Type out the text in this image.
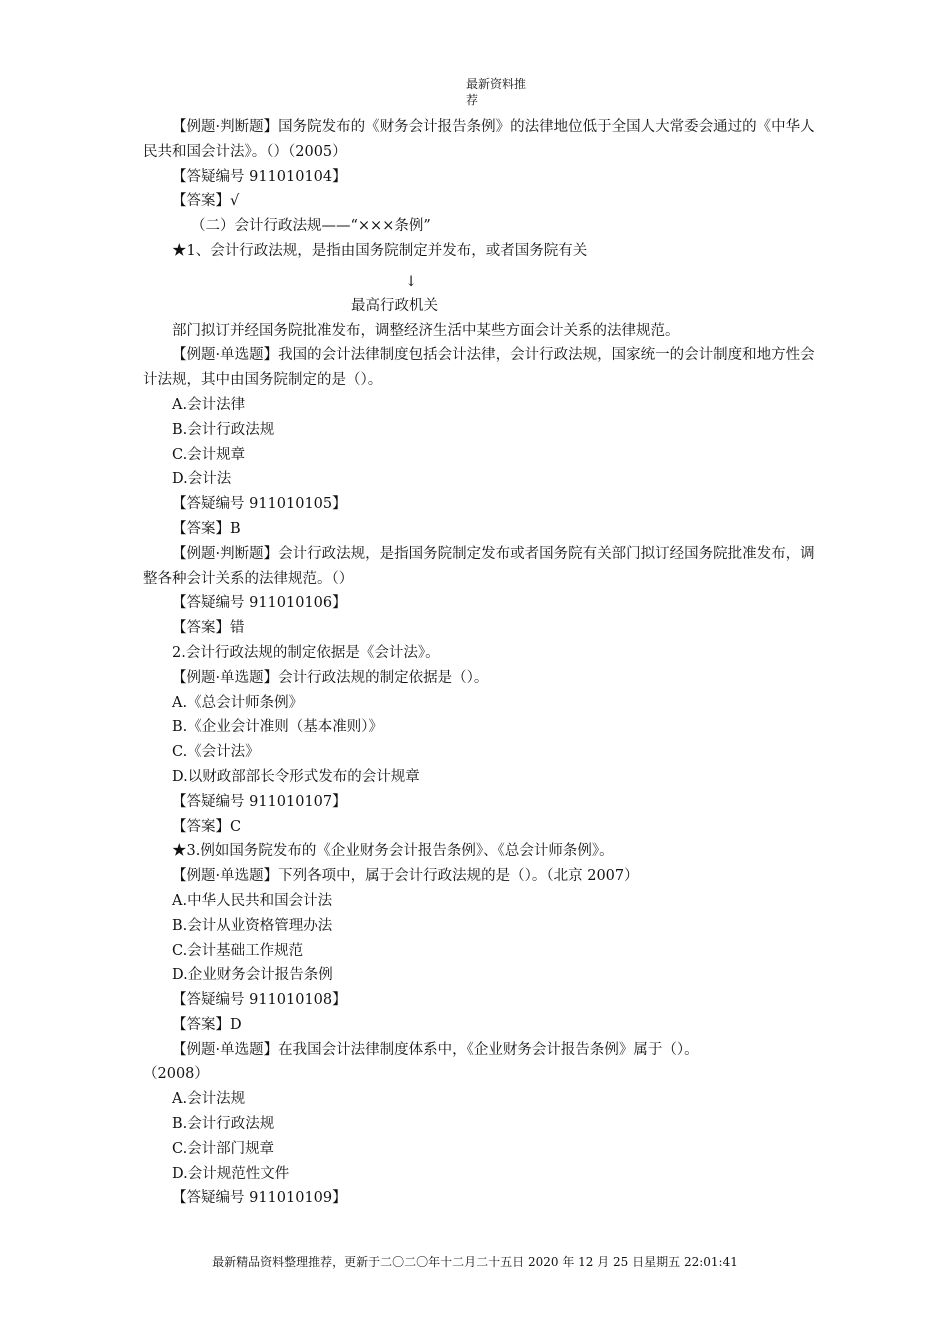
最新资料推
荐

【例题·判断题】国务院发布的《财务会计报告条例》的法律地位低于全国人大常委会通过的《中华人民共和国会计法》。（）（2005）

【答疑编号 911010104】

【答案】√

（二）会计行政法规——“×××条例”

★1、会计行政法规，是指由国务院制定并发布，或者国务院有关

↓

最高行政机关

部门拟订并经国务院批准发布，调整经济生活中某些方面会计关系的法律规范。

【例题·单选题】我国的会计法律制度包括会计法律，会计行政法规，国家统一的会计制度和地方性会计法规，其中由国务院制定的是（）。

A.会计法律

B.会计行政法规

C.会计规章

D.会计法

【答疑编号 911010105】

【答案】B

【例题·判断题】会计行政法规，是指国务院制定发布或者国务院有关部门拟订经国务院批准发布，调整各种会计关系的法律规范。（）

【答疑编号 911010106】

【答案】错

2.会计行政法规的制定依据是《会计法》。

【例题·单选题】会计行政法规的制定依据是（）。

A.《总会计师条例》

B.《企业会计准则（基本准则）》

C.《会计法》

D.以财政部部长令形式发布的会计规章

【答疑编号 911010107】

【答案】C

★3.例如国务院发布的《企业财务会计报告条例》、《总会计师条例》。

【例题·单选题】下列各项中，属于会计行政法规的是（）。（北京 2007）

A.中华人民共和国会计法

B.会计从业资格管理办法

C.会计基础工作规范

D.企业财务会计报告条例

【答疑编号 911010108】

【答案】D

【例题·单选题】在我国会计法律制度体系中，《企业财务会计报告条例》属于（）。

（2008）

A.会计法规

B.会计行政法规

C.会计部门规章

D.会计规范性文件

【答疑编号 911010109】

最新精品资料整理推荐，更新于二〇二〇年十二月二十五日 2020 年 12 月 25 日星期五 22:01:41
